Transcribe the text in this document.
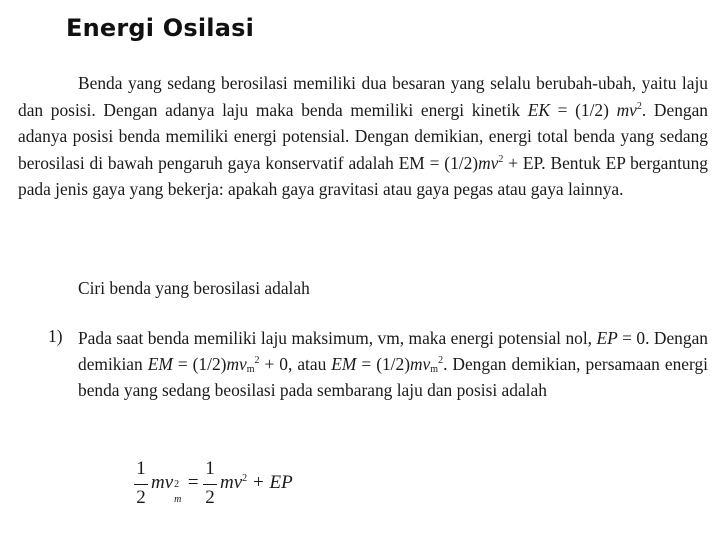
Energi Osilasi
Benda yang sedang berosilasi memiliki dua besaran yang selalu berubah-ubah, yaitu laju dan posisi. Dengan adanya laju maka benda memiliki energi kinetik EK = (1/2) $mv^2$. Dengan adanya posisi benda memiliki energi potensial. Dengan demikian, energi total benda yang sedang berosilasi di bawah pengaruh gaya konservatif adalah EM = $(1/2)mv^2$ + EP. Bentuk EP bergantung pada jenis gaya yang bekerja: apakah gaya gravitasi atau gaya pegas atau gaya lainnya.
Ciri benda yang berosilasi adalah
1) Pada saat benda memiliki laju maksimum, vm, maka energi potensial nol, EP = 0. Dengan demikian EM = $(1/2)mv_m^2 + 0$, atau EM = $(1/2)mv_m^2$. Dengan demikian, persamaan energi benda yang sedang beosilasi pada sembarang laju dan posisi adalah
1
2
mv 2
m
=
1
2
$mv^2$ + EP
